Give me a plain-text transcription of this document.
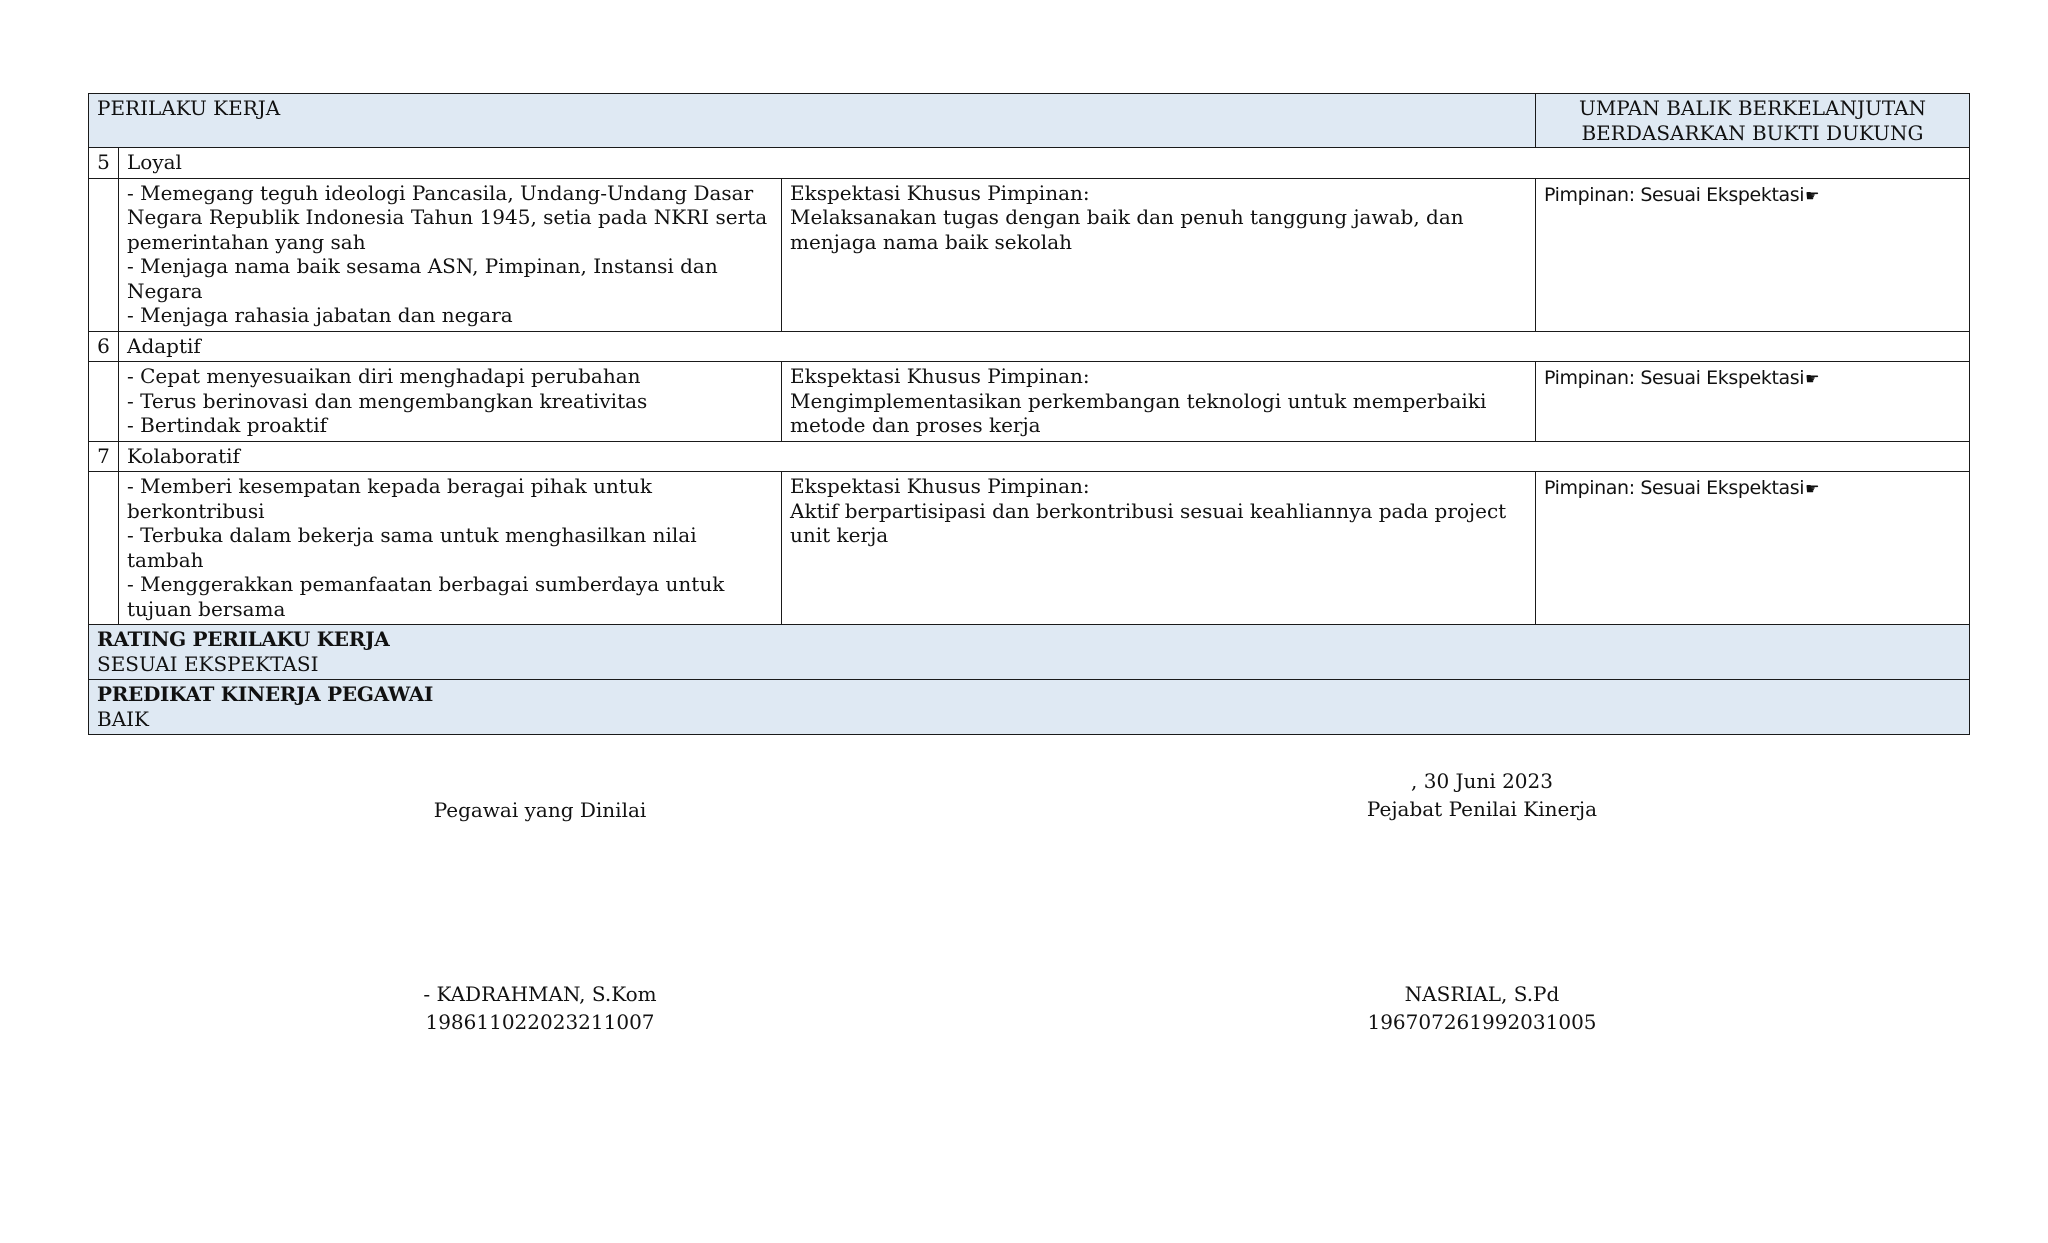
PERILAKU KERJA			UMPAN BALIK BERKELANJUTAN
BERDASARKAN BUKTI DUKUNG

5	Loyal		

	- Memegang teguh ideologi Pancasila, Undang-Undang Dasar Negara Republik Indonesia Tahun 1945, setia pada NKRI serta pemerintahan yang sah
- Menjaga nama baik sesama ASN, Pimpinan, Instansi dan Negara
- Menjaga rahasia jabatan dan negara	Ekspektasi Khusus Pimpinan:
Melaksanakan tugas dengan baik dan penuh tanggung jawab, dan menjaga nama baik sekolah	Pimpinan: Sesuai Ekspektasi☛
6	Adaptif		

	- Cepat menyesuaikan diri menghadapi perubahan
- Terus berinovasi dan mengembangkan kreativitas
- Bertindak proaktif	Ekspektasi Khusus Pimpinan:
Mengimplementasikan perkembangan teknologi untuk memperbaiki metode dan proses kerja	Pimpinan: Sesuai Ekspektasi☛
7	Kolaboratif		

	- Memberi kesempatan kepada beragai pihak untuk berkontribusi
- Terbuka dalam bekerja sama untuk menghasilkan nilai tambah
- Menggerakkan pemanfaatan berbagai sumberdaya untuk tujuan bersama	Ekspektasi Khusus Pimpinan:
Aktif berpartisipasi dan berkontribusi sesuai keahliannya pada project unit kerja	Pimpinan: Sesuai Ekspektasi☛

RATING PERILAKU KERJA
SESUAI EKSPEKTASI			

PREDIKAT KINERJA PEGAWAI
BAIK			
Pegawai yang Dinilai
, 30 Juni 2023
Pejabat Penilai Kinerja
- KADRAHMAN, S.Kom
198611022023211007
NASRIAL, S.Pd
196707261992031005
